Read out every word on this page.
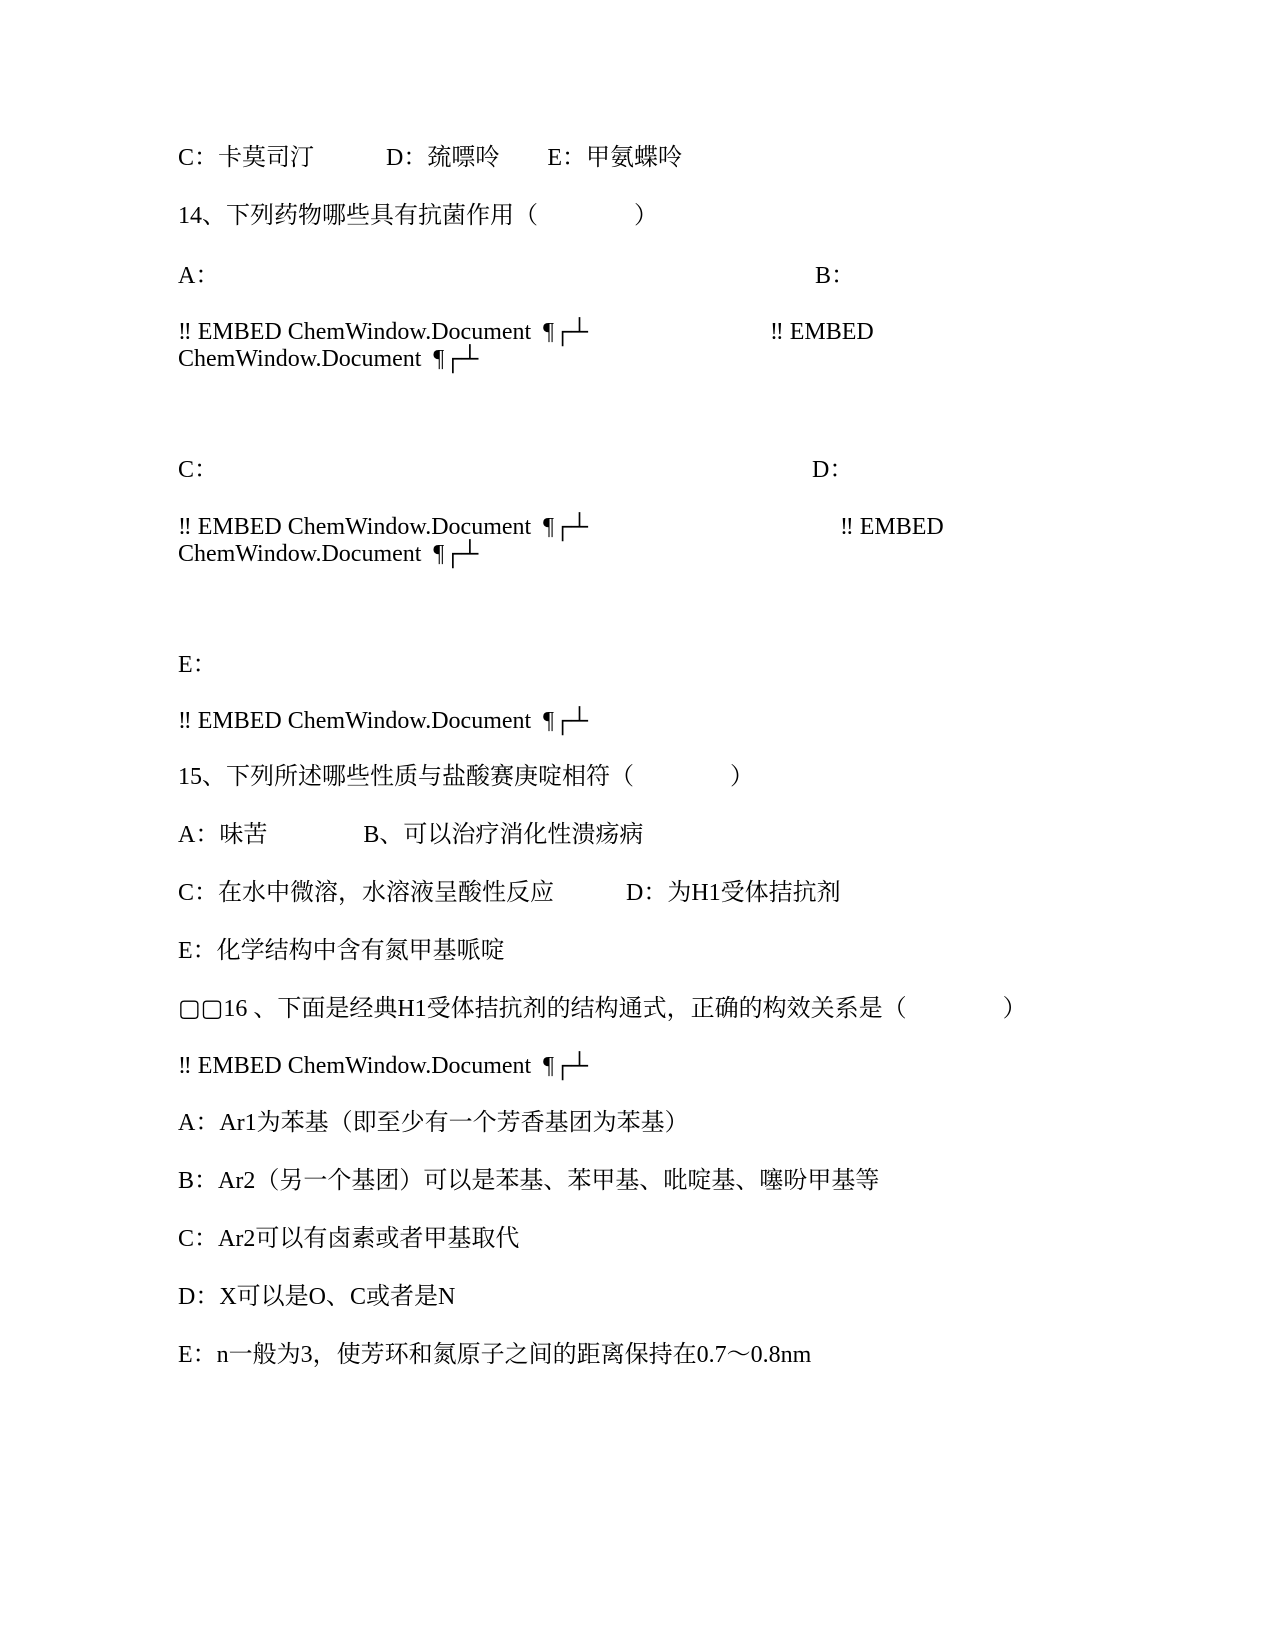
C：卡莫司汀　　　D：巯嘌呤　　E：甲氨蝶呤
14、下列药物哪些具有抗菌作用（　　　　）
A：	B：
‼ EMBED ChemWindow.Document  ¶┌┴	‼ EMBED
ChemWindow.Document  ¶┌┴
C：	D：
‼ EMBED ChemWindow.Document  ¶┌┴	‼ EMBED
ChemWindow.Document  ¶┌┴
E：
‼ EMBED ChemWindow.Document  ¶┌┴
15、下列所述哪些性质与盐酸赛庚啶相符（　　　　）
A：味苦　　　　B、可以治疗消化性溃疡病
C：在水中微溶，水溶液呈酸性反应　　　D：为H1受体拮抗剂
E：化学结构中含有氮甲基哌啶
▢▢16 、下面是经典H1受体拮抗剂的结构通式，正确的构效关系是（　　　　）
‼ EMBED ChemWindow.Document  ¶┌┴
A：Ar1为苯基（即至少有一个芳香基团为苯基）
B：Ar2（另一个基团）可以是苯基、苯甲基、吡啶基、噻吩甲基等
C：Ar2可以有卤素或者甲基取代
D：X可以是O、C或者是N
E：n一般为3，使芳环和氮原子之间的距离保持在0.7～0.8nm
